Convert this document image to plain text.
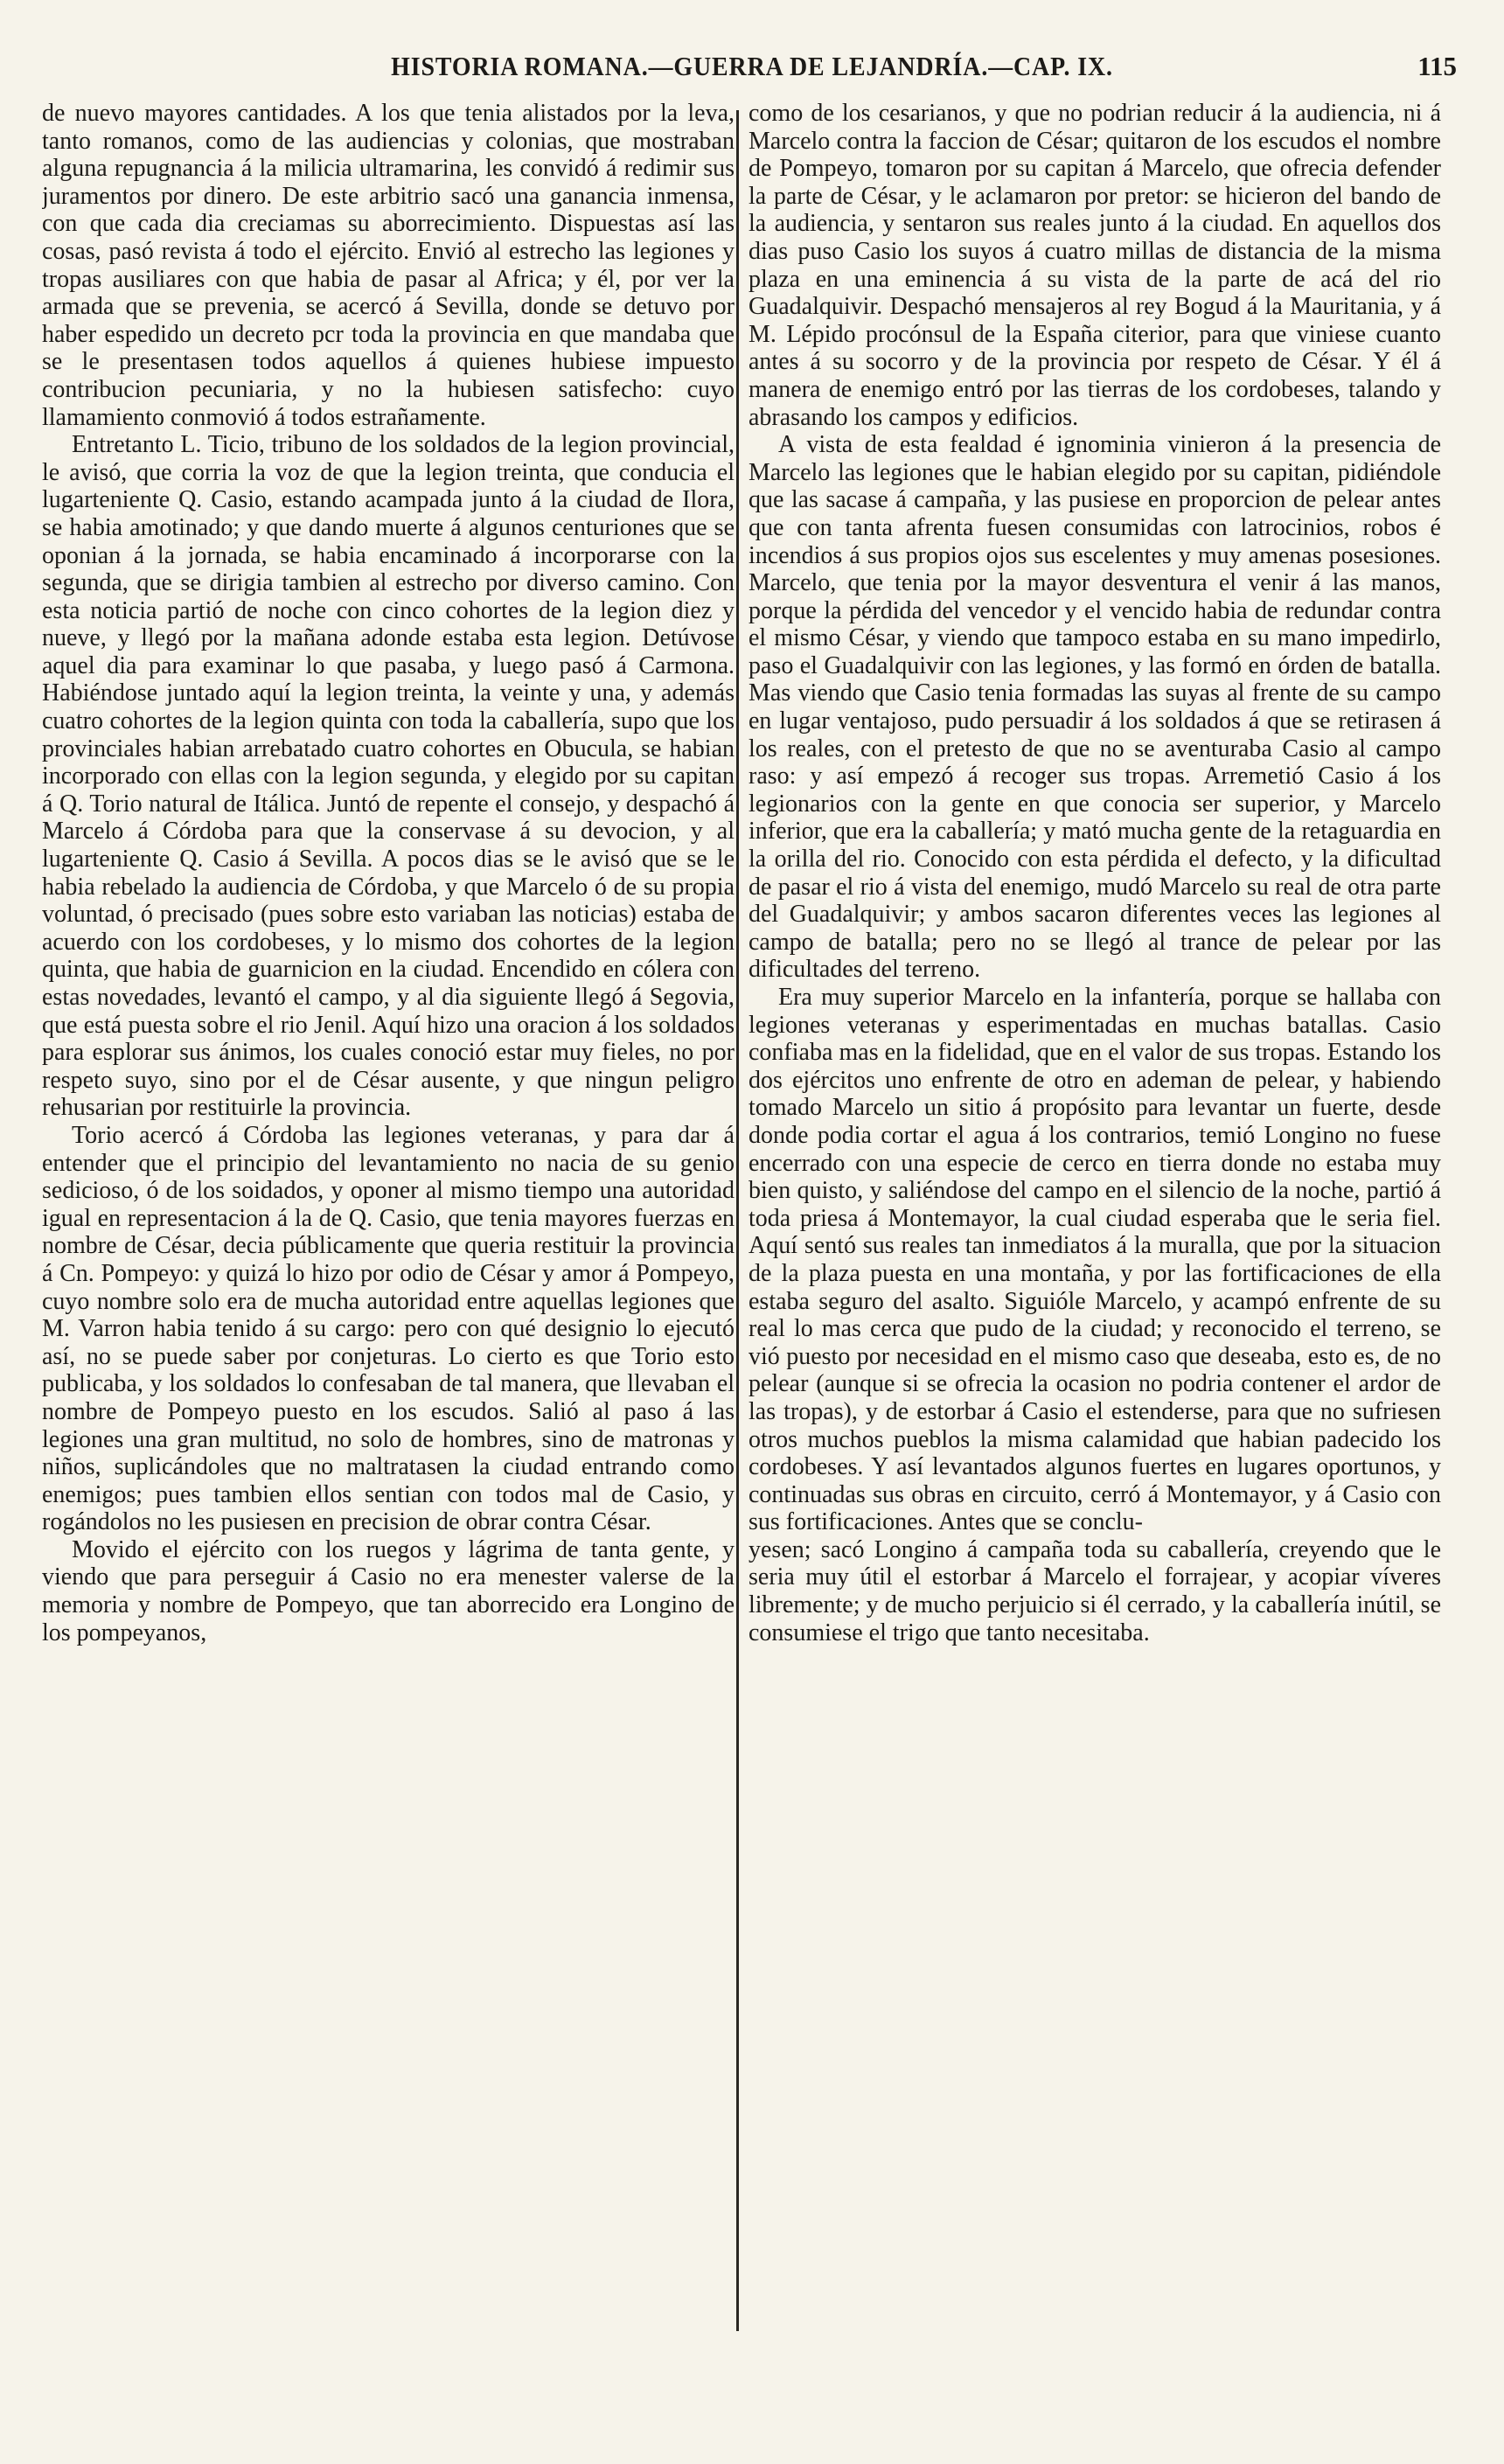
HISTORIA ROMANA.—GUERRA DE LEJANDRÍA.—CAP. IX.	115

de nuevo mayores cantidades. A los que tenia alistados por la leva, tanto romanos, como de las audiencias y colonias, que mostraban alguna repugnancia á la milicia ultramarina, les convidó á redimir sus juramentos por dinero. De este arbitrio sacó una ganancia inmensa, con que cada dia creciamas su aborrecimiento. Dispuestas así las cosas, pasó revista á todo el ejército. Envió al estrecho las legiones y tropas ausiliares con que habia de pasar al Africa; y él, por ver la armada que se prevenia, se acercó á Sevilla, donde se detuvo por haber espedido un decreto pcr toda la provincia en que mandaba que se le presentasen todos aquellos á quienes hubiese impuesto contribucion pecuniaria, y no la hubiesen satisfecho: cuyo llamamiento conmovió á todos estrañamente.

Entretanto L. Ticio, tribuno de los soldados de la legion provincial, le avisó, que corria la voz de que la legion treinta, que conducia el lugarteniente Q. Casio, estando acampada junto á la ciudad de Ilora, se habia amotinado; y que dando muerte á algunos centuriones que se oponian á la jornada, se habia encaminado á incorporarse con la segunda, que se dirigia tambien al estrecho por diverso camino. Con esta noticia partió de noche con cinco cohortes de la legion diez y nueve, y llegó por la mañana adonde estaba esta legion. Detúvose aquel dia para examinar lo que pasaba, y luego pasó á Carmona. Habiéndose juntado aquí la legion treinta, la veinte y una, y además cuatro cohortes de la legion quinta con toda la caballería, supo que los provinciales habian arrebatado cuatro cohortes en Obucula, se habian incorporado con ellas con la legion segunda, y elegido por su capitan á Q. Torio natural de Itálica. Juntó de repente el consejo, y despachó á Marcelo á Córdoba para que la conservase á su devocion, y al lugarteniente Q. Casio á Sevilla. A pocos dias se le avisó que se le habia rebelado la audiencia de Córdoba, y que Marcelo ó de su propia voluntad, ó precisado (pues sobre esto variaban las noticias) estaba de acuerdo con los cordobeses, y lo mismo dos cohortes de la legion quinta, que habia de guarnicion en la ciudad. Encendido en cólera con estas novedades, levantó el campo, y al dia siguiente llegó á Segovia, que está puesta sobre el rio Jenil. Aquí hizo una oracion á los soldados para esplorar sus ánimos, los cuales conoció estar muy fieles, no por respeto suyo, sino por el de César ausente, y que ningun peligro rehusarian por restituirle la provincia.

Torio acercó á Córdoba las legiones veteranas, y para dar á entender que el principio del levantamiento no nacia de su genio sedicioso, ó de los soidados, y oponer al mismo tiempo una autoridad igual en representacion á la de Q. Casio, que tenia mayores fuerzas en nombre de César, decia públicamente que queria restituir la provincia á Cn. Pompeyo: y quizá lo hizo por odio de César y amor á Pompeyo, cuyo nombre solo era de mucha autoridad entre aquellas legiones que M. Varron habia tenido á su cargo: pero con qué designio lo ejecutó así, no se puede saber por conjeturas. Lo cierto es que Torio esto publicaba, y los soldados lo confesaban de tal manera, que llevaban el nombre de Pompeyo puesto en los escudos. Salió al paso á las legiones una gran multitud, no solo de hombres, sino de matronas y niños, suplicándoles que no maltratasen la ciudad entrando como enemigos; pues tambien ellos sentian con todos mal de Casio, y rogándolos no les pusiesen en precision de obrar contra César.

Movido el ejército con los ruegos y lágrima de tanta gente, y viendo que para perseguir á Casio no era menester valerse de la memoria y nombre de Pompeyo, que tan aborrecido era Longino de los pompeyanos,

como de los cesarianos, y que no podrian reducir á la audiencia, ni á Marcelo contra la faccion de César; quitaron de los escudos el nombre de Pompeyo, tomaron por su capitan á Marcelo, que ofrecia defender la parte de César, y le aclamaron por pretor: se hicieron del bando de la audiencia, y sentaron sus reales junto á la ciudad. En aquellos dos dias puso Casio los suyos á cuatro millas de distancia de la misma plaza en una eminencia á su vista de la parte de acá del rio Guadalquivir. Despachó mensajeros al rey Bogud á la Mauritania, y á M. Lépido procónsul de la España citerior, para que viniese cuanto antes á su socorro y de la provincia por respeto de César. Y él á manera de enemigo entró por las tierras de los cordobeses, talando y abrasando los campos y edificios.

A vista de esta fealdad é ignominia vinieron á la presencia de Marcelo las legiones que le habian elegido por su capitan, pidiéndole que las sacase á campaña, y las pusiese en proporcion de pelear antes que con tanta afrenta fuesen consumidas con latrocinios, robos é incendios á sus propios ojos sus escelentes y muy amenas posesiones. Marcelo, que tenia por la mayor desventura el venir á las manos, porque la pérdida del vencedor y el vencido habia de redundar contra el mismo César, y viendo que tampoco estaba en su mano impedirlo, paso el Guadalquivir con las legiones, y las formó en órden de batalla. Mas viendo que Casio tenia formadas las suyas al frente de su campo en lugar ventajoso, pudo persuadir á los soldados á que se retirasen á los reales, con el pretesto de que no se aventuraba Casio al campo raso: y así empezó á recoger sus tropas. Arremetió Casio á los legionarios con la gente en que conocia ser superior, y Marcelo inferior, que era la caballería; y mató mucha gente de la retaguardia en la orilla del rio. Conocido con esta pérdida el defecto, y la dificultad de pasar el rio á vista del enemigo, mudó Marcelo su real de otra parte del Guadalquivir; y ambos sacaron diferentes veces las legiones al campo de batalla; pero no se llegó al trance de pelear por las dificultades del terreno.

Era muy superior Marcelo en la infantería, porque se hallaba con legiones veteranas y esperimentadas en muchas batallas. Casio confiaba mas en la fidelidad, que en el valor de sus tropas. Estando los dos ejércitos uno enfrente de otro en ademan de pelear, y habiendo tomado Marcelo un sitio á propósito para levantar un fuerte, desde donde podia cortar el agua á los contrarios, temió Longino no fuese encerrado con una especie de cerco en tierra donde no estaba muy bien quisto, y saliéndose del campo en el silencio de la noche, partió á toda priesa á Montemayor, la cual ciudad esperaba que le seria fiel. Aquí sentó sus reales tan inmediatos á la muralla, que por la situacion de la plaza puesta en una montaña, y por las fortificaciones de ella estaba seguro del asalto. Siguióle Marcelo, y acampó enfrente de su real lo mas cerca que pudo de la ciudad; y reconocido el terreno, se vió puesto por necesidad en el mismo caso que deseaba, esto es, de no pelear (aunque si se ofrecia la ocasion no podria contener el ardor de las tropas), y de estorbar á Casio el estenderse, para que no sufriesen otros muchos pueblos la misma calamidad que habian padecido los cordobeses. Y así levantados algunos fuertes en lugares oportunos, y continuadas sus obras en circuito, cerró á Montemayor, y á Casio con sus fortificaciones. Antes que se conclu-

yesen; sacó Longino á campaña toda su caballería, creyendo que le seria muy útil el estorbar á Marcelo el forrajear, y acopiar víveres libremente; y de mucho perjuicio si él cerrado, y la caballería inútil, se consumiese el trigo que tanto necesitaba.
